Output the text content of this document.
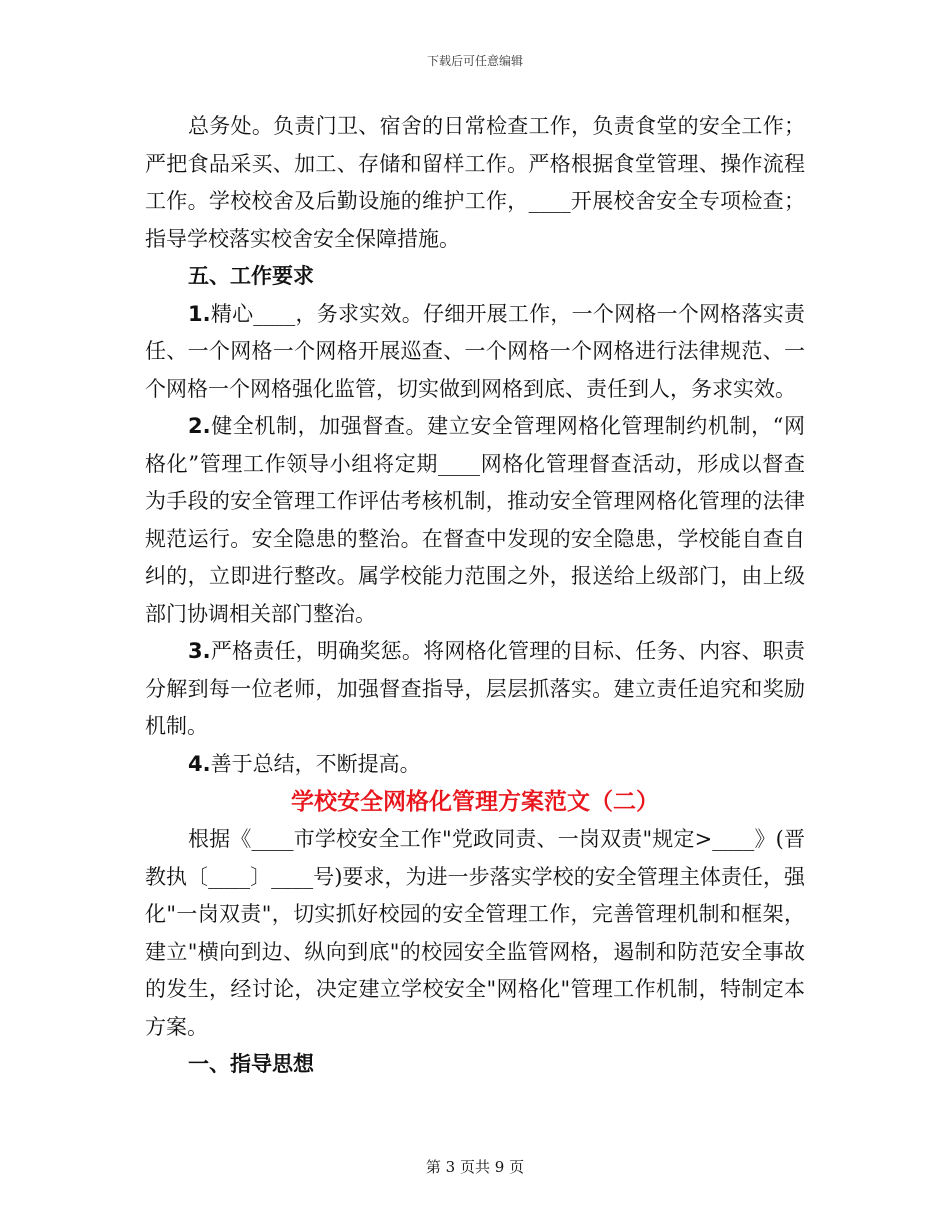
下载后可任意编辑

总务处。负责门卫、宿舍的日常检查工作，负责食堂的安全工作；严把食品采买、加工、存储和留样工作。严格根据食堂管理、操作流程工作。学校校舍及后勤设施的维护工作，____开展校舍安全专项检查；指导学校落实校舍安全保障措施。

五、工作要求

1.精心____，务求实效。仔细开展工作，一个网格一个网格落实责任、一个网格一个网格开展巡查、一个网格一个网格进行法律规范、一个网格一个网格强化监管，切实做到网格到底、责任到人，务求实效。

2.健全机制，加强督查。建立安全管理网格化管理制约机制，“网格化”管理工作领导小组将定期____网格化管理督查活动，形成以督查为手段的安全管理工作评估考核机制，推动安全管理网格化管理的法律规范运行。安全隐患的整治。在督查中发现的安全隐患，学校能自查自纠的，立即进行整改。属学校能力范围之外，报送给上级部门，由上级部门协调相关部门整治。

3.严格责任，明确奖惩。将网格化管理的目标、任务、内容、职责分解到每一位老师，加强督查指导，层层抓落实。建立责任追究和奖励机制。

4.善于总结，不断提高。

学校安全网格化管理方案范文（二）

根据《____市学校安全工作"党政同责、一岗双责"规定>____》(晋教执〔____〕____号)要求，为进一步落实学校的安全管理主体责任，强化"一岗双责"，切实抓好校园的安全管理工作，完善管理机制和框架，建立"横向到边、纵向到底"的校园安全监管网格，遏制和防范安全事故的发生，经讨论，决定建立学校安全"网格化"管理工作机制，特制定本方案。

一、指导思想

第 3 页共 9 页
